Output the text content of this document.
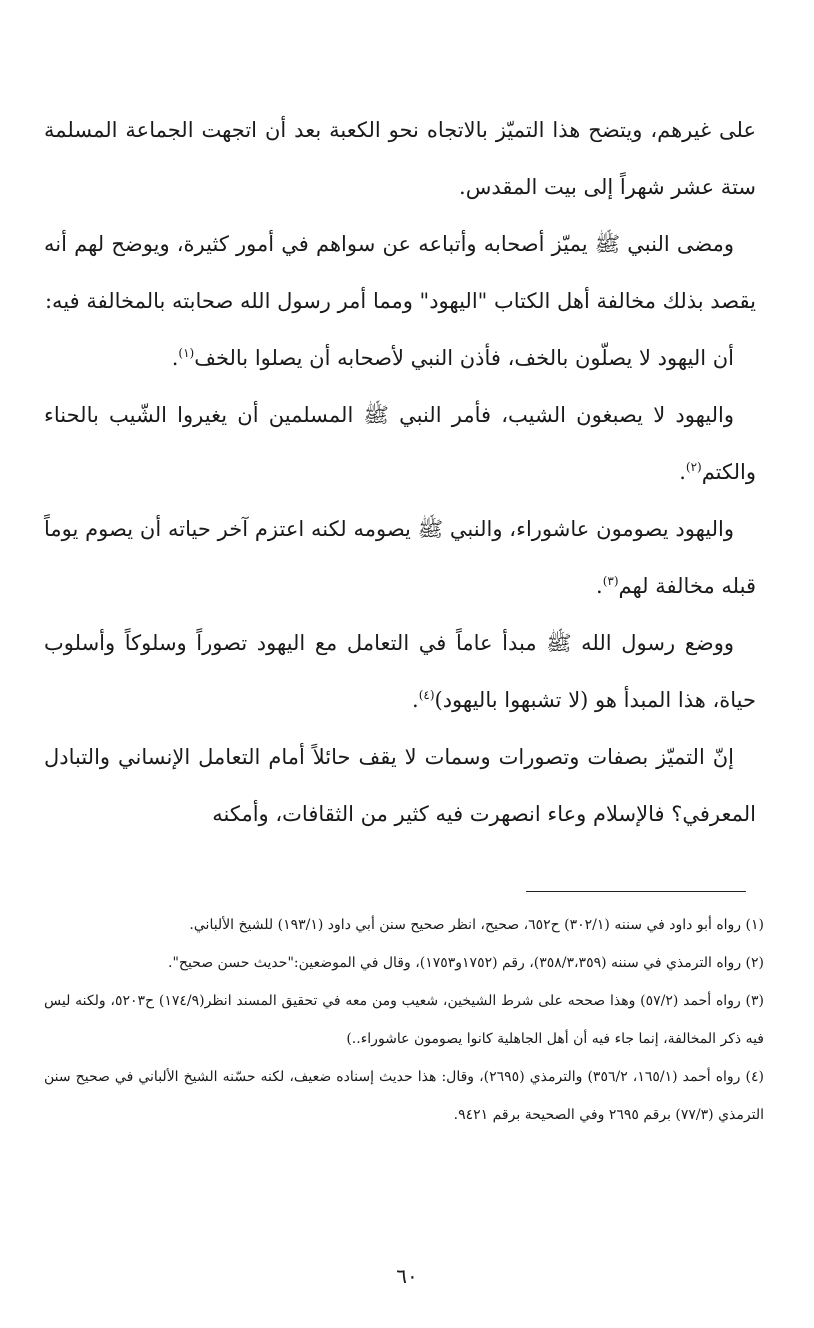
على غيرهم، ويتضح هذا التميّز بالاتجاه نحو الكعبة بعد أن اتجهت الجماعة المسلمة ستة عشر شهراً إلى بيت المقدس.

ومضى النبي ﷺ يميّز أصحابه وأتباعه عن سواهم في أمور كثيرة، ويوضح لهم أنه يقصد بذلك مخالفة أهل الكتاب "اليهود" ومما أمر رسول الله صحابته بالمخالفة فيه:

أن اليهود لا يصلّون بالخف، فأذن النبي لأصحابه أن يصلوا بالخف$^{(١)}$.

واليهود لا يصبغون الشيب، فأمر النبي ﷺ المسلمين أن يغيروا الشّيب بالحناء والكتم$^{(٢)}$.

واليهود يصومون عاشوراء، والنبي ﷺ يصومه لكنه اعتزم آخر حياته أن يصوم يوماً قبله مخالفة لهم$^{(٣)}$.

ووضع رسول الله ﷺ مبدأ عاماً في التعامل مع اليهود تصوراً وسلوكاً وأسلوب حياة، هذا المبدأ هو (لا تشبهوا باليهود)$^{(٤)}$.

إنّ التميّز بصفات وتصورات وسمات لا يقف حائلاً أمام التعامل الإنساني والتبادل المعرفي؟ فالإسلام وعاء انصهرت فيه كثير من الثقافات، وأمكنه

(١) رواه أبو داود في سننه (٣٠٢/١) ح٦٥٢، صحيح، انظر صحيح سنن أبي داود (١٩٣/١) للشيخ الألباني.

(٢) رواه الترمذي في سننه (٣٥٨/٣،٣٥٩)، رقم (١٧٥٢و١٧٥٣)، وقال في الموضعين:"حديث حسن صحيح".

(٣) رواه أحمد (٥٧/٢) وهذا صححه على شرط الشيخين، شعيب ومن معه في تحقيق المسند انظر(١٧٤/٩) ح٥٢٠٣، ولكنه ليس فيه ذكر المخالفة، إنما جاء فيه أن أهل الجاهلية كانوا يصومون عاشوراء..)

(٤) رواه أحمد (١٦٥/١، ٣٥٦/٢) والترمذي (٢٦٩٥)، وقال: هذا حديث إسناده ضعيف، لكنه حسّنه الشيخ الألباني في صحيح سنن الترمذي (٧٧/٣) برقم ٢٦٩٥ وفي الصحيحة برقم ٩٤٢١.

٦٠
